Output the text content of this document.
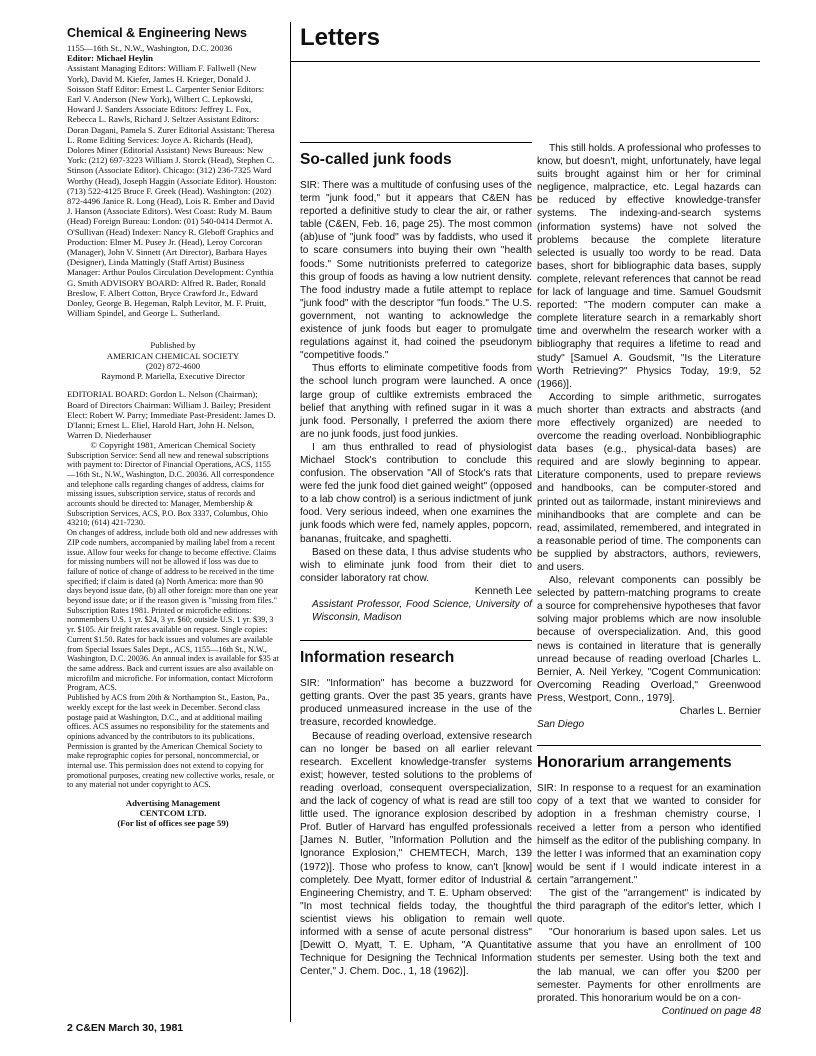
Chemical & Engineering News

1155—16th St., N.W., Washington, D.C. 20036

Editor: Michael Heylin

Assistant Managing Editors: William F. Fallwell (New York), David M. Kiefer, James H. Krieger, Donald J. Soisson Staff Editor: Ernest L. Carpenter Senior Editors: Earl V. Anderson (New York), Wilbert C. Lepkowski, Howard J. Sanders Associate Editors: Jeffrey L. Fox, Rebecca L. Rawls, Richard J. Seltzer Assistant Editors: Doran Dagani, Pamela S. Zurer Editorial Assistant: Theresa L. Rome Editing Services: Joyce A. Richards (Head), Dolores Miner (Editorial Assistant) News Bureaus: New York: (212) 697-3223 William J. Storck (Head), Stephen C. Stinson (Associate Editor). Chicago: (312) 236-7325 Ward Worthy (Head), Joseph Haggin (Associate Editor). Houston: (713) 522-4125 Bruce F. Greek (Head). Washington: (202) 872-4496 Janice R. Long (Head), Lois R. Ember and David J. Hanson (Associate Editors). West Coast: Rudy M. Baum (Head) Foreign Bureau: London: (01) 540-0414 Dermot A. O'Sullivan (Head) Indexer: Nancy R. Gleboff Graphics and Production: Elmer M. Pusey Jr. (Head), Leroy Corcoran (Manager), John V. Sinnett (Art Director), Barbara Hayes (Designer), Linda Mattingly (Staff Artist) Business Manager: Arthur Poulos Circulation Development: Cynthia G. Smith ADVISORY BOARD: Alfred R. Bader, Ronald Breslow, F. Albert Cotton, Bryce Crawford Jr., Edward Donley, George B. Hegeman, Ralph Levitor, M. F. Pruitt, William Spindel, and George L. Sutherland.

Published by

AMERICAN CHEMICAL SOCIETY

(202) 872-4600

Raymond P. Mariella, Executive Director

EDITORIAL BOARD: Gordon L. Nelson (Chairman); Board of Directors Chairman: William J. Bailey; President Elect: Robert W. Parry; Immediate Past-President: James D. D'Ianni; Ernest L. Eliel, Harold Hart, John H. Nelson, Warren D. Niederhauser

© Copyright 1981, American Chemical Society

Subscription Service: Send all new and renewal subscriptions with payment to: Director of Financial Operations, ACS, 1155—16th St., N.W., Washington, D.C. 20036. All correspondence and telephone calls regarding changes of address, claims for missing issues, subscription service, status of records and accounts should be directed to: Manager, Membership & Subscription Services, ACS, P.O. Box 3337, Columbus, Ohio 43210; (614) 421-7230.

On changes of address, include both old and new addresses with ZIP code numbers, accompanied by mailing label from a recent issue. Allow four weeks for change to become effective. Claims for missing numbers will not be allowed if loss was due to failure of notice of change of address to be received in the time specified; if claim is dated (a) North America: more than 90 days beyond issue date, (b) all other foreign: more than one year beyond issue date; or if the reason given is "missing from files."

Subscription Rates 1981. Printed or microfiche editions: nonmembers U.S. 1 yr. $24, 3 yr. $60; outside U.S. 1 yr. $39, 3 yr. $105. Air freight rates available on request. Single copies: Current $1.50. Rates for back issues and volumes are available from Special Issues Sales Dept., ACS, 1155—16th St., N.W., Washington, D.C. 20036. An annual index is available for $35 at the same address. Back and current issues are also available on microfilm and microfiche. For information, contact Microform Program, ACS.

Published by ACS from 20th & Northampton St., Easton, Pa., weekly except for the last week in December. Second class postage paid at Washington, D.C., and at additional mailing offices. ACS assumes no responsibility for the statements and opinions advanced by the contributors to its publications.

Permission is granted by the American Chemical Society to make reprographic copies for personal, noncommercial, or internal use. This permission does not extend to copying for promotional purposes, creating new collective works, resale, or to any material not under copyright to ACS.

Advertising Management
CENTCOM LTD.
(For list of offices see page 59)
Letters
So-called junk foods

SIR: There was a multitude of confusing uses of the term "junk food," but it appears that C&EN has reported a definitive study to clear the air, or rather table (C&EN, Feb. 16, page 25). The most common (ab)use of "junk food" was by faddists, who used it to scare consumers into buying their own "health foods." Some nutritionists preferred to categorize this group of foods as having a low nutrient density. The food industry made a futile attempt to replace "junk food" with the descriptor "fun foods." The U.S. government, not wanting to acknowledge the existence of junk foods but eager to promulgate regulations against it, had coined the pseudonym "competitive foods."

Thus efforts to eliminate competitive foods from the school lunch program were launched. A once large group of cultlike extremists embraced the belief that anything with refined sugar in it was a junk food. Personally, I preferred the axiom there are no junk foods, just food junkies.

I am thus enthralled to read of physiologist Michael Stock's contribution to conclude this confusion. The observation "All of Stock's rats that were fed the junk food diet gained weight" (opposed to a lab chow control) is a serious indictment of junk food. Very serious indeed, when one examines the junk foods which were fed, namely apples, popcorn, bananas, fruitcake, and spaghetti.

Based on these data, I thus advise students who wish to eliminate junk food from their diet to consider laboratory rat chow.

Kenneth Lee

Assistant Professor, Food Science, University of Wisconsin, Madison

Information research

SIR: "Information" has become a buzzword for getting grants. Over the past 35 years, grants have produced unmeasured increase in the use of the treasure, recorded knowledge.

Because of reading overload, extensive research can no longer be based on all earlier relevant research. Excellent knowledge-transfer systems exist; however, tested solutions to the problems of reading overload, consequent overspecialization, and the lack of cogency of what is read are still too little used. The ignorance explosion described by Prof. Butler of Harvard has engulfed professionals [James N. Butler, "Information Pollution and the Ignorance Explosion," CHEMTECH, March, 139 (1972)]. Those who profess to know, can't [know] completely. Dee Myatt, former editor of Industrial & Engineering Chemistry, and T. E. Upham observed: "In most technical fields today, the thoughtful scientist views his obligation to remain well informed with a sense of acute personal distress" [Dewitt O. Myatt, T. E. Upham, "A Quantitative Technique for Designing the Technical Information Center," J. Chem. Doc., 1, 18 (1962)].

This still holds. A professional who professes to know, but doesn't, might, unfortunately, have legal suits brought against him or her for criminal negligence, malpractice, etc. Legal hazards can be reduced by effective knowledge-transfer systems. The indexing-and-search systems (information systems) have not solved the problems because the complete literature selected is usually too wordy to be read. Data bases, short for bibliographic data bases, supply complete, relevant references that cannot be read for lack of language and time. Samuel Goudsmit reported: "The modern computer can make a complete literature search in a remarkably short time and overwhelm the research worker with a bibliography that requires a lifetime to read and study" [Samuel A. Goudsmit, "Is the Literature Worth Retrieving?" Physics Today, 19:9, 52 (1966)].

According to simple arithmetic, surrogates much shorter than extracts and abstracts (and more effectively organized) are needed to overcome the reading overload. Nonbibliographic data bases (e.g., physical-data bases) are required and are slowly beginning to appear. Literature components, used to prepare reviews and handbooks, can be computer-stored and printed out as tailormade, instant minireviews and minihandbooks that are complete and can be read, assimilated, remembered, and integrated in a reasonable period of time. The components can be supplied by abstractors, authors, reviewers, and users.

Also, relevant components can possibly be selected by pattern-matching programs to create a source for comprehensive hypotheses that favor solving major problems which are now insoluble because of overspecialization. And, this good news is contained in literature that is generally unread because of reading overload [Charles L. Bernier, A. Neil Yerkey, "Cogent Communication: Overcoming Reading Overload," Greenwood Press, Westport, Conn., 1979].

Charles L. Bernier

San Diego

Honorarium arrangements

SIR: In response to a request for an examination copy of a text that we wanted to consider for adoption in a freshman chemistry course, I received a letter from a person who identified himself as the editor of the publishing company. In the letter I was informed that an examination copy would be sent if I would indicate interest in a certain "arrangement."

The gist of the "arrangement" is indicated by the third paragraph of the editor's letter, which I quote.

"Our honorarium is based upon sales. Let us assume that you have an enrollment of 100 students per semester. Using both the text and the lab manual, we can offer you $200 per semester. Payments for other enrollments are prorated. This honorarium would be on a con-

Continued on page 48

2 C&EN March 30, 1981
